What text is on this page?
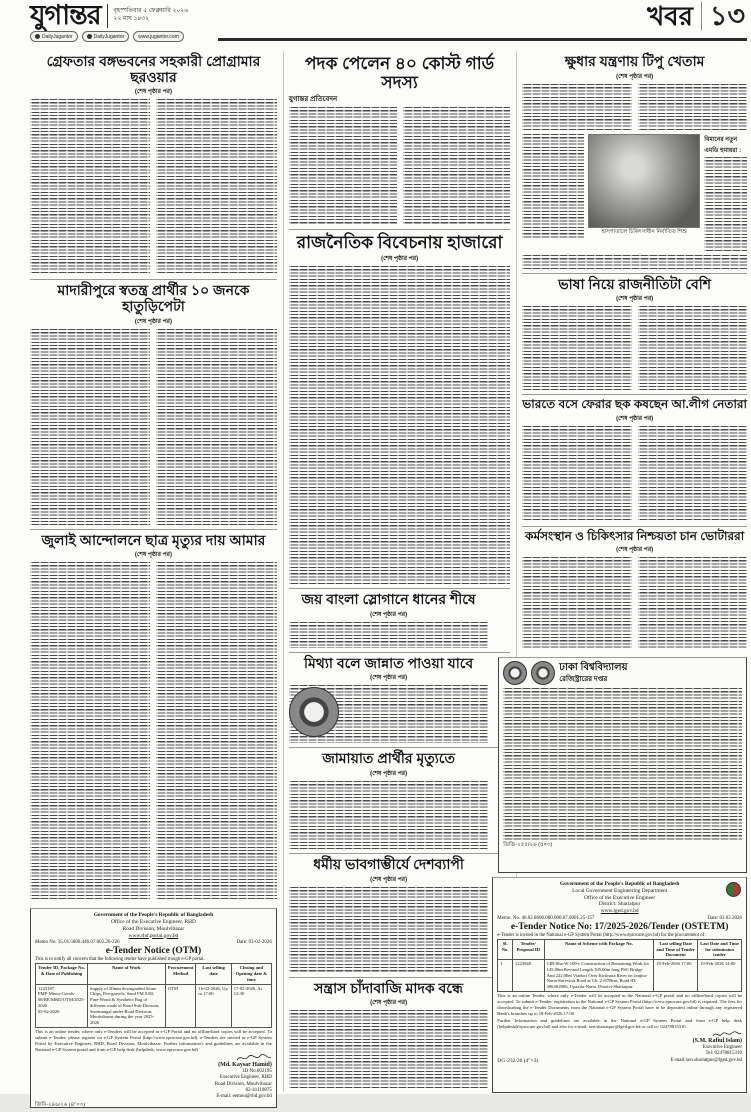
যুগান্তর বৃহস্পতিবার ৫ ফেব্রুয়ারি ২০২৬
২২ মাঘ ১৪৩২
DailyJugantor	DailyJugantor	www.jugantor.com
খবর ১৩
গ্রেফতার বঙ্গভবনের সহকারী প্রোগ্রামার ছরওয়ার
(শেষ পৃষ্ঠার পর)
মাদারীপুরে স্বতন্ত্র প্রার্থীর ১০ জনকে হাতুড়িপেটা
(শেষ পৃষ্ঠার পর)
জুলাই আন্দোলনে ছাত্র মৃত্যুর দায় আমার
(শেষ পৃষ্ঠার পর)
Government of the People's Republic of Bangladesh
Office of the Executive Engineer, RHD
Road Division, Moulvibazar
www.rhd.portal.gov.bd
Memo No. 35.01.5800.446.07.002.26-226	Date: 03-02-2026
e-Tender Notice (OTM)
This is to notify all concern that the following tender have published trough e-GP portal.
Tender ID, Package No. & Date of Publishing	Name of Work	Procurement Method	Last selling date	Closing and Opening date & time

1223187
PMP-Minor-Goods-08/RE/MRD/OTM/2025-2026
03-02-2026
	Supply of 20mm downgraded Stone Chips, Pea-gravels, Sand FM 0.80, Fine-Wood & Synthetic Bag of different roads of Road Sub-Division, Sreemangal under Road Division, Moulvibazar during the year 2025-2026	OTM	16-02-2026, Up to 17:00	17-02-2026, At 12:30
This is an online tender, where only e-Tenders will be accepted in e-GP Portal and no offline/hard copies will be accepted. To submit e-Tender, please register on e-GP System Portal (http://www.eprocure.gov.bd). e-Tenders are invited in e-GP System Portal by Executive Engineer, RHD, Road Division, Moulvibazar. Further information's and guidelines are available in the National e-GP System portal and from e-GP help desk (helpdesk: www.eprocure.gov.bd)
(Md. Kaysar Hamid)
ID No.602195
Executive Engineer, RHD
Road Division, Moulvibazar
02-41110875
E-mail: eemou@rhd.gov.bd
জিবি-২৪৬/২৬ (৪″×৩)
পদক পেলেন ৪০ কোস্ট গার্ড সদস্য
যুগান্তর প্রতিবেদন
রাজনৈতিক বিবেচনায় হাজারো
(শেষ পৃষ্ঠার পর)
জয় বাংলা স্লোগানে ধানের শীষে
(শেষ পৃষ্ঠার পর)
মিথ্যা বলে জান্নাত পাওয়া যাবে
(শেষ পৃষ্ঠার পর)
জামায়াত প্রার্থীর মৃত্যুতে
(শেষ পৃষ্ঠার পর)
ধর্মীয় ভাবগাম্ভীর্যে দেশব্যাপী
(শেষ পৃষ্ঠার পর)
সন্ত্রাস চাঁদাবাজি মাদক বন্ধে
(শেষ পৃষ্ঠার পর)
ক্ষুধার যন্ত্রণায় টিপু খেতাম
(শেষ পৃষ্ঠার পর)
হাসপাতালে চিকিৎসাধীন নির্যাতিত শিশু
বিমানের নতুন এমডি হুমায়রা :
ভাষা নিয়ে রাজনীতিটা বেশি
(শেষ পৃষ্ঠার পর)
ভারতে বসে ফেরার ছক কষছেন আ.লীগ নেতারা
(শেষ পৃষ্ঠার পর)
কর্মসংস্থান ও চিকিৎসার নিশ্চয়তা চান ভোটাররা
(শেষ পৃষ্ঠার পর)
ঢাকা বিশ্ববিদ্যালয়
রেজিস্ট্রারের দপ্তর
ডিজি-২৫৫/২৬ (৫×৩)
Government of the People's Republic of Bangladesh
Local Government Engineering Department
Office of the Executive Engineer
District: Shariatpur
www.lged.gov.bd
Memo. No. 46.02.8600.000.000.07.0001.25-157	Date: 03.02.2026
e-Tender Notice No: 17/2025-2026/Tender (OSTETM)
e-Tender is invited in the National e-GP System Portal (http://www.eprocure.gov.bd) for the procurement of :
Sl. No.	Tender/ Proposal ID	Name of Scheme with Package No.	Last selling Date and Time of Tender Document	Last Date and Time for submission tender
1	1223940	CIB-Sha-W-109-c Construction of Remaining Work for 145.00m Revised Length 105.00m long PSC Bridge And 222.00m Viaduct Over Kirtinasa River on Janjira-Naria-Sureswar Road at Ch. 2+870km, Road ID: 3064S2006, Upazila-Naria, District-Shariatpur.	18-Feb-2026 17:00	19-Feb-2026 14:00
This is an online Tender, where only e-Tender will be accepted in the National e-GP portal and no offline/hard copies will be accepted. To submit e-Tender, registration in the National e-GP System Portal (http://www.eprocure.gov.bd) is required. The fees for downloading the e-Tender Documents from the National e-GP System Portal have to be deposited online through any registered Bank's branches up to 18-Feb-2026 17:00
Further Information and guidelines are available in the National e-GP System Portal and from e-GP help desk (helpdesk@eprocure.gov.bd) and also for e-mail: xen.shariatpur@lged.gov.bd or call to: 02478815310.
DG-232/26 (4″×3)
(S.M. Rafiul Islam)
Executive Engineer
Tel: 02478815310
E-mail:xen.shariatpur@lged.gov.bd
